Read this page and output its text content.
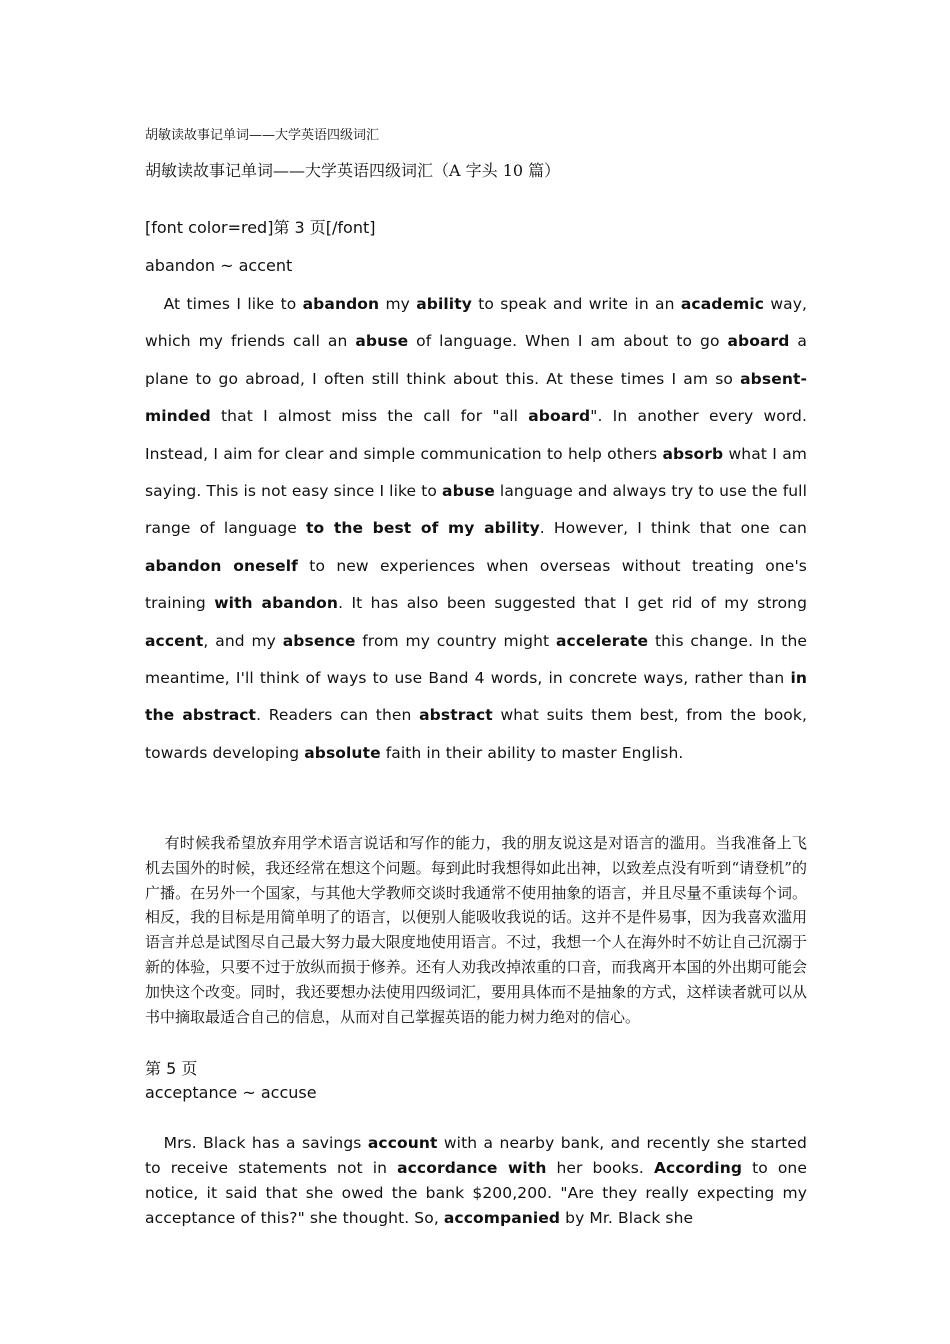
胡敏读故事记单词——大学英语四级词汇
胡敏读故事记单词——大学英语四级词汇（A 字头 10 篇）
[font color=red]第 3 页[/font]
abandon ~ accent

At times I like to abandon my ability to speak and write in an academic way, which my friends call an abuse of language. When I am about to go aboard a plane to go abroad, I often still think about this. At these times I am so absent-minded that I almost miss the call for "all aboard". In another every word. Instead, I aim for clear and simple communication to help others absorb what I am saying. This is not easy since I like to abuse language and always try to use the full range of language to the best of my ability. However, I think that one can abandon oneself to new experiences when overseas without treating one's training with abandon. It has also been suggested that I get rid of my strong accent, and my absence from my country might accelerate this change. In the meantime, I'll think of ways to use Band 4 words, in concrete ways, rather than in the abstract. Readers can then abstract what suits them best, from the book, towards developing absolute faith in their ability to master English.

有时候我希望放弃用学术语言说话和写作的能力，我的朋友说这是对语言的滥用。当我准备上飞机去国外的时候，我还经常在想这个问题。每到此时我想得如此出神，以致差点没有听到“请登机”的广播。在另外一个国家，与其他大学教师交谈时我通常不使用抽象的语言，并且尽量不重读每个词。相反，我的目标是用简单明了的语言，以便别人能吸收我说的话。这并不是件易事，因为我喜欢滥用语言并总是试图尽自己最大努力最大限度地使用语言。不过，我想一个人在海外时不妨让自己沉溺于新的体验，只要不过于放纵而损于修养。还有人劝我改掉浓重的口音，而我离开本国的外出期可能会加快这个改变。同时，我还要想办法使用四级词汇，要用具体而不是抽象的方式，这样读者就可以从书中摘取最适合自己的信息，从而对自己掌握英语的能力树力绝对的信心。

第 5 页
acceptance ~ accuse

Mrs. Black has a savings account with a nearby bank, and recently she started to receive statements not in accordance with her books. According to one notice, it said that she owed the bank $200,200. "Are they really expecting my acceptance of this?" she thought. So, accompanied by Mr. Black she
